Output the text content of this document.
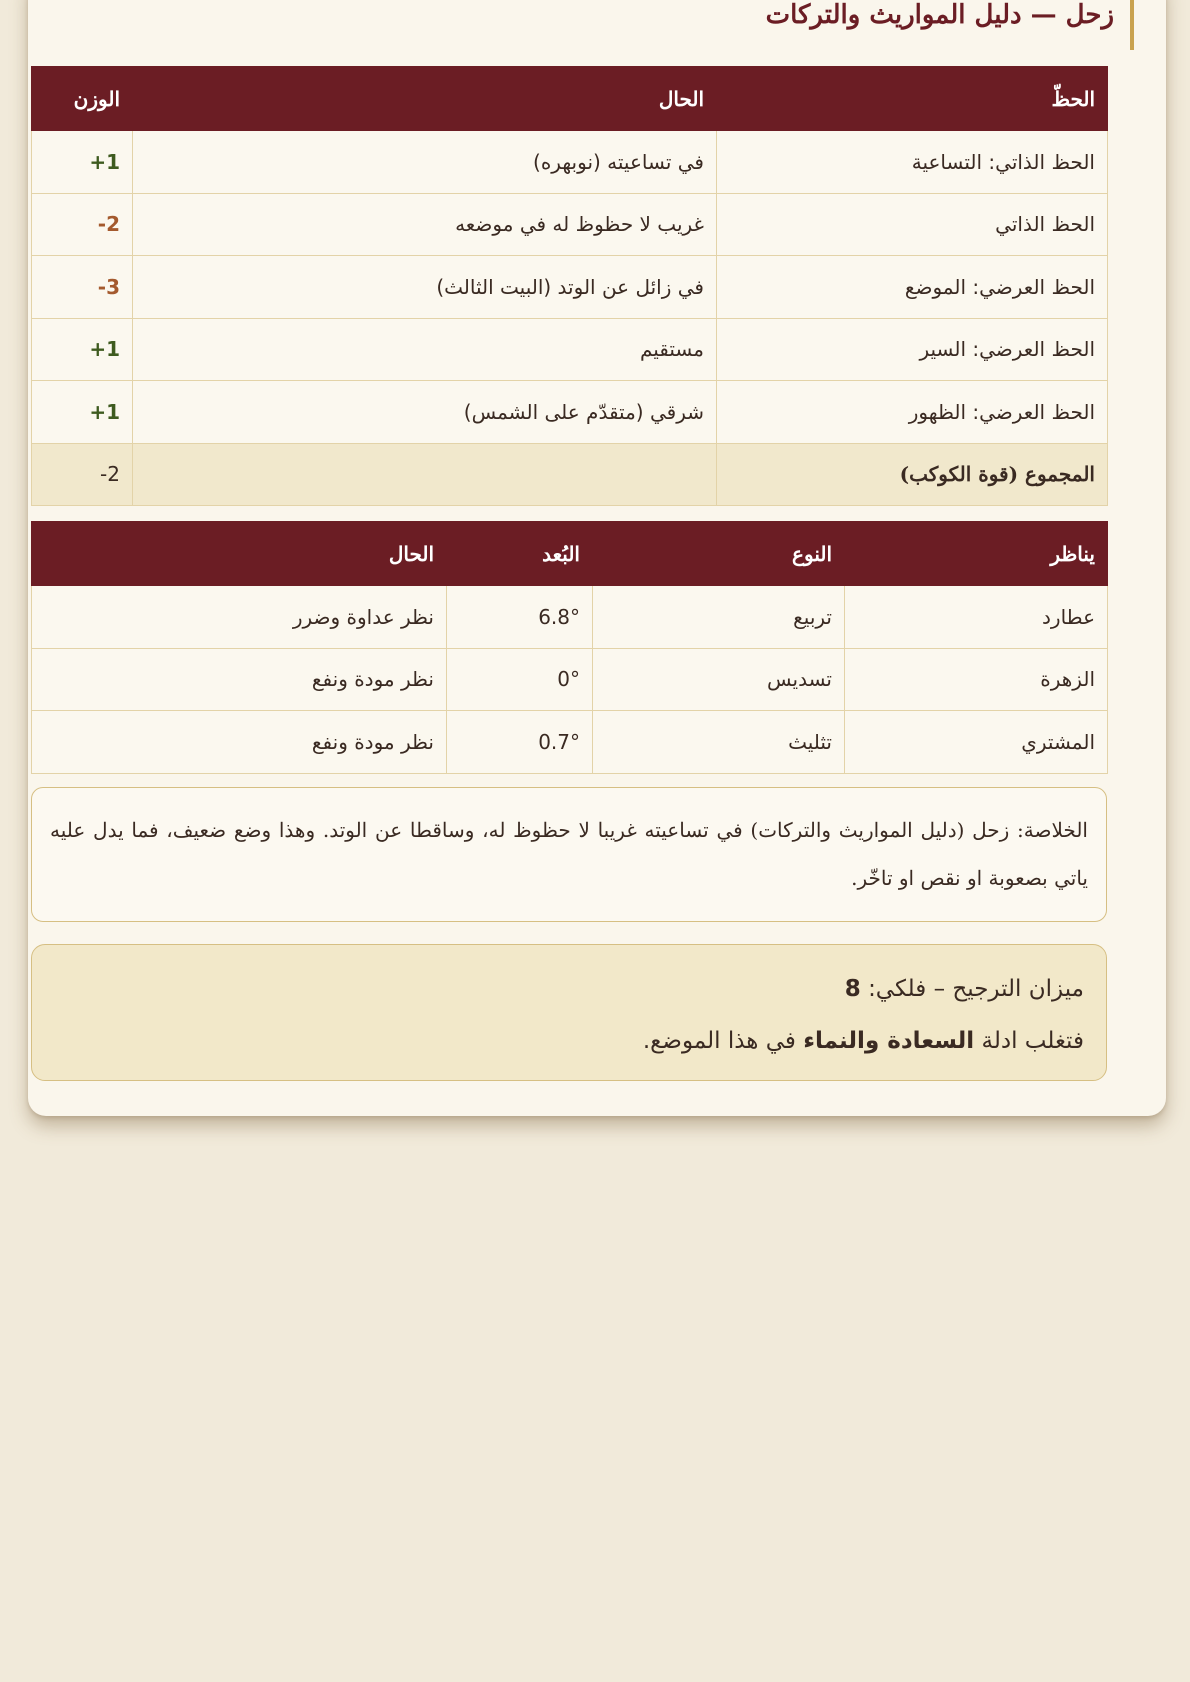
زحل — دليل المواريث والتركات
الحظّ	الحال	الوزن
الحظ الذاتي: التساعية	في تساعيته (نوبهره)	1+
الحظ الذاتي	غريب لا حظوظ له في موضعه	2-
الحظ العرضي: الموضع	في زائل عن الوتد (البيت الثالث)	3-
الحظ العرضي: السير	مستقيم	1+
الحظ العرضي: الظهور	شرقي (متقدّم على الشمس)	1+
المجموع (قوة الكوكب)		2-
يناظر	النوع	البُعد	الحال
عطارد	تربيع	6.8°	نظر عداوة وضرر
الزهرة	تسديس	0°	نظر مودة ونفع
المشتري	تثليث	0.7°	نظر مودة ونفع

الخلاصة: زحل (دليل المواريث والتركات) في تساعيته غريبا لا حظوظ له، وساقطا عن الوتد. وهذا وضع ضعيف، فما يدل عليه ياتي بصعوبة او نقص او تاخّر.

ميزان الترجيح – فلكي: 8
فتغلب ادلة السعادة والنماء في هذا الموضع.
